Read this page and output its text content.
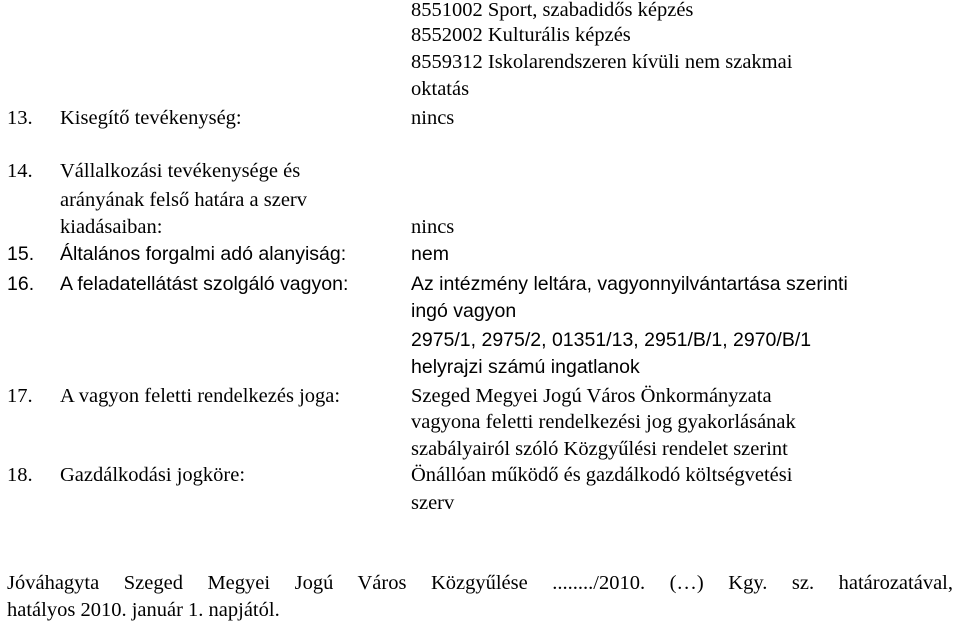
8551002 Sport, szabadidős képzés
8552002 Kulturális képzés
8559312 Iskolarendszeren kívüli nem szakmai
oktatás
13. Kisegítő tevékenység:	nincs
14. Vállalkozási tevékenysége és
arányának felső határa a szerv
kiadásaiban:	nincs
15. Általános forgalmi adó alanyiság:	nem
16. A feladatellátást szolgáló vagyon:	Az intézmény leltára, vagyonnyilvántartása szerinti
ingó vagyon
2975/1, 2975/2, 01351/13, 2951/B/1, 2970/B/1
helyrajzi számú ingatlanok
17. A vagyon feletti rendelkezés joga:	Szeged Megyei Jogú Város Önkormányzata
vagyona feletti rendelkezési jog gyakorlásának
szabályairól szóló Közgyűlési rendelet szerint
18. Gazdálkodási jogköre:	Önállóan működő és gazdálkodó költségvetési
szerv
Jóváhagyta Szeged Megyei Jogú Város Közgyűlése ......../2010. (…) Kgy. sz. határozatával,
hatályos 2010. január 1. napjától.
